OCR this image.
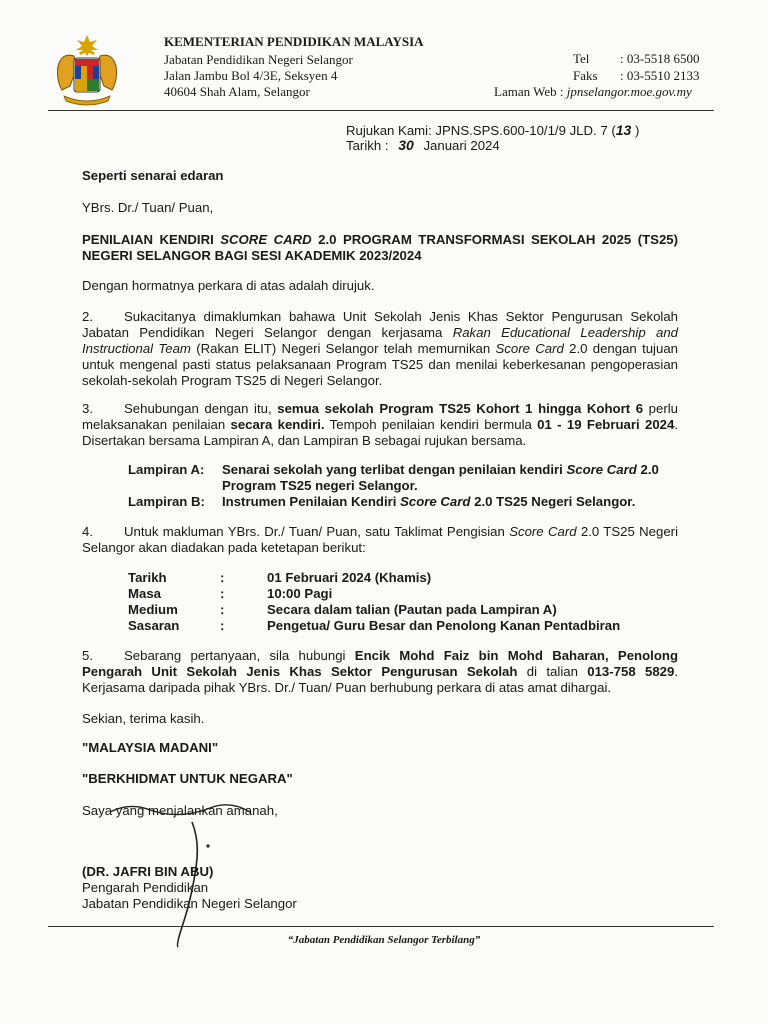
KEMENTERIAN PENDIDIKAN MALAYSIA
Jabatan Pendidikan Negeri Selangor
Jalan Jambu Bol 4/3E, Seksyen 4
40604 Shah Alam, Selangor
Tel : 03-5518 6500
Faks : 03-5510 2133
Laman Web : jpnselangor.moe.gov.my
Rujukan Kami: JPNS.SPS.600-10/1/9 JLD. 7 (13 )
Tarikh : 30 Januari 2024
Seperti senarai edaran
YBrs. Dr./ Tuan/ Puan,
PENILAIAN KENDIRI SCORE CARD 2.0 PROGRAM TRANSFORMASI SEKOLAH 2025 (TS25) NEGERI SELANGOR BAGI SESI AKADEMIK 2023/2024
Dengan hormatnya perkara di atas adalah dirujuk.
2. Sukacitanya dimaklumkan bahawa Unit Sekolah Jenis Khas Sektor Pengurusan Sekolah Jabatan Pendidikan Negeri Selangor dengan kerjasama Rakan Educational Leadership and Instructional Team (Rakan ELIT) Negeri Selangor telah memurnikan Score Card 2.0 dengan tujuan untuk mengenal pasti status pelaksanaan Program TS25 dan menilai keberkesanan pengoperasian sekolah-sekolah Program TS25 di Negeri Selangor.
3. Sehubungan dengan itu, semua sekolah Program TS25 Kohort 1 hingga Kohort 6 perlu melaksanakan penilaian secara kendiri. Tempoh penilaian kendiri bermula 01 - 19 Februari 2024. Disertakan bersama Lampiran A, dan Lampiran B sebagai rujukan bersama.
Lampiran A:	Senarai sekolah yang terlibat dengan penilaian kendiri Score Card 2.0 Program TS25 negeri Selangor.
Lampiran B:	Instrumen Penilaian Kendiri Score Card 2.0 TS25 Negeri Selangor.
4. Untuk makluman YBrs. Dr./ Tuan/ Puan, satu Taklimat Pengisian Score Card 2.0 TS25 Negeri Selangor akan diadakan pada ketetapan berikut:
Tarikh	:	01 Februari 2024 (Khamis)
Masa	:	10:00 Pagi
Medium	:	Secara dalam talian (Pautan pada Lampiran A)
Sasaran	:	Pengetua/ Guru Besar dan Penolong Kanan Pentadbiran
5. Sebarang pertanyaan, sila hubungi Encik Mohd Faiz bin Mohd Baharan, Penolong Pengarah Unit Sekolah Jenis Khas Sektor Pengurusan Sekolah di talian 013-758 5829. Kerjasama daripada pihak YBrs. Dr./ Tuan/ Puan berhubung perkara di atas amat dihargai.
Sekian, terima kasih.
"MALAYSIA MADANI"
"BERKHIDMAT UNTUK NEGARA"
Saya yang menjalankan amanah,
(DR. JAFRI BIN ABU)
Pengarah Pendidikan
Jabatan Pendidikan Negeri Selangor
“Jabatan Pendidikan Selangor Terbilang”
